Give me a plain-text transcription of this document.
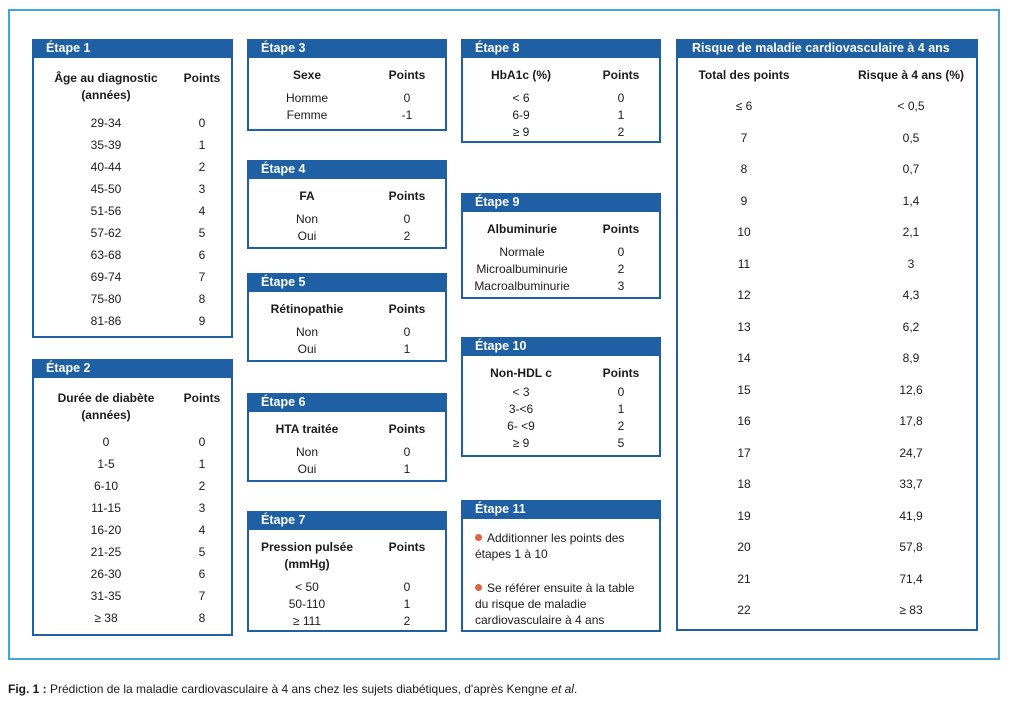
Étape 1
Âge au diagnostic	Points
(années)
29-34	0
35-39	1
40-44	2
45-50	3
51-56	4
57-62	5
63-68	6
69-74	7
75-80	8
81-86	9
Étape 2
Durée de diabète	Points
(années)
0	0
1-5	1
6-10	2
11-15	3
16-20	4
21-25	5
26-30	6
31-35	7
≥ 38	8
Étape 3
Sexe	Points
Homme	0
Femme	-1
Étape 4
FA	Points
Non	0
Oui	2
Étape 5
Rétinopathie	Points
Non	0
Oui	1
Étape 6
HTA traitée	Points
Non	0
Oui	1
Étape 7
Pression pulsée	Points
(mmHg)
< 50	0
50-110	1
≥ 111	2
Étape 8
HbA1c (%)	Points
< 6	0
6-9	1
≥ 9	2
Étape 9
Albuminurie	Points
Normale	0
Microalbuminurie	2
Macroalbuminurie	3
Étape 10
Non-HDL c	Points
< 3	0
3-<6	1
6- <9	2
≥ 9	5
Étape 11

Additionner les points des étapes 1 à 10

Se référer ensuite à la table du risque de maladie cardiovasculaire à 4 ans

Risque de maladie cardiovasculaire à 4 ans
Total des points	Risque à 4 ans (%)
≤ 6	< 0,5
7	0,5
8	0,7
9	1,4
10	2,1
11	3
12	4,3
13	6,2
14	8,9
15	12,6
16	17,8
17	24,7
18	33,7
19	41,9
20	57,8
21	71,4
22	≥ 83
Fig. 1 : Prédiction de la maladie cardiovasculaire à 4 ans chez les sujets diabétiques, d'après Kengne et al.
